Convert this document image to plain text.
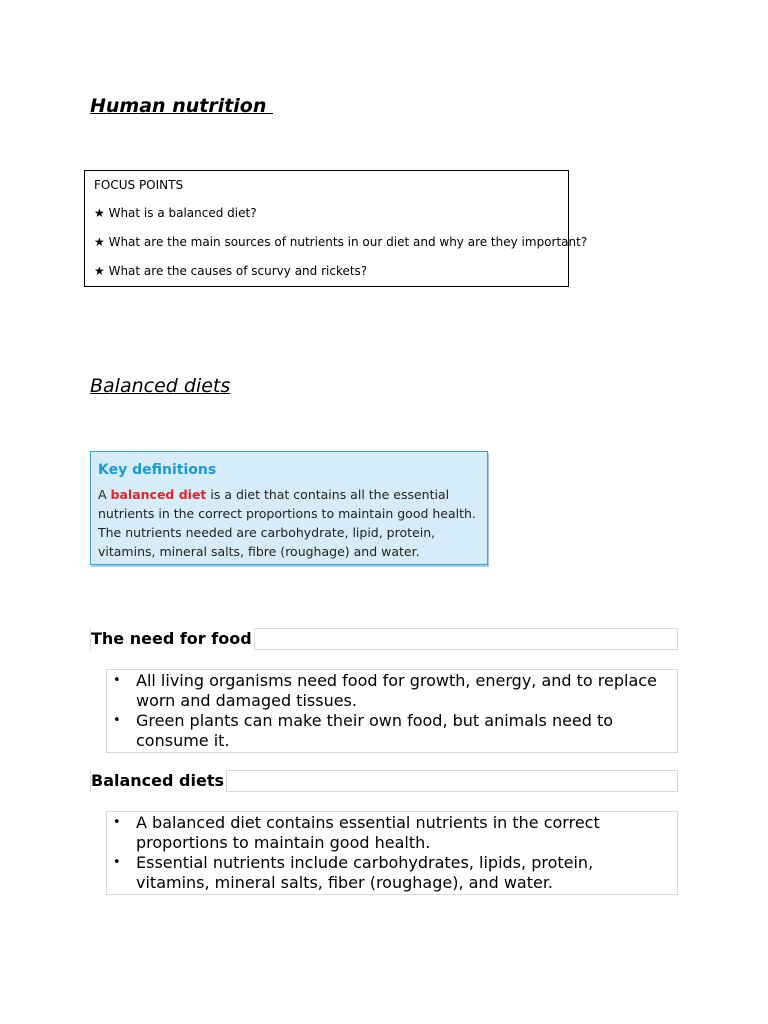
Human nutrition
FOCUS POINTS
★ What is a balanced diet?
★ What are the main sources of nutrients in our diet and why are they important?
★ What are the causes of scurvy and rickets?
Balanced diets
Key definitions
A balanced diet is a diet that contains all the essential nutrients in the correct proportions to maintain good health. The nutrients needed are carbohydrate, lipid, protein, vitamins, mineral salts, fibre (roughage) and water.
The need for food
• All living organisms need food for growth, energy, and to replace worn and damaged tissues.
• Green plants can make their own food, but animals need to consume it.
Balanced diets
• A balanced diet contains essential nutrients in the correct proportions to maintain good health.
• Essential nutrients include carbohydrates, lipids, protein, vitamins, mineral salts, fiber (roughage), and water.
